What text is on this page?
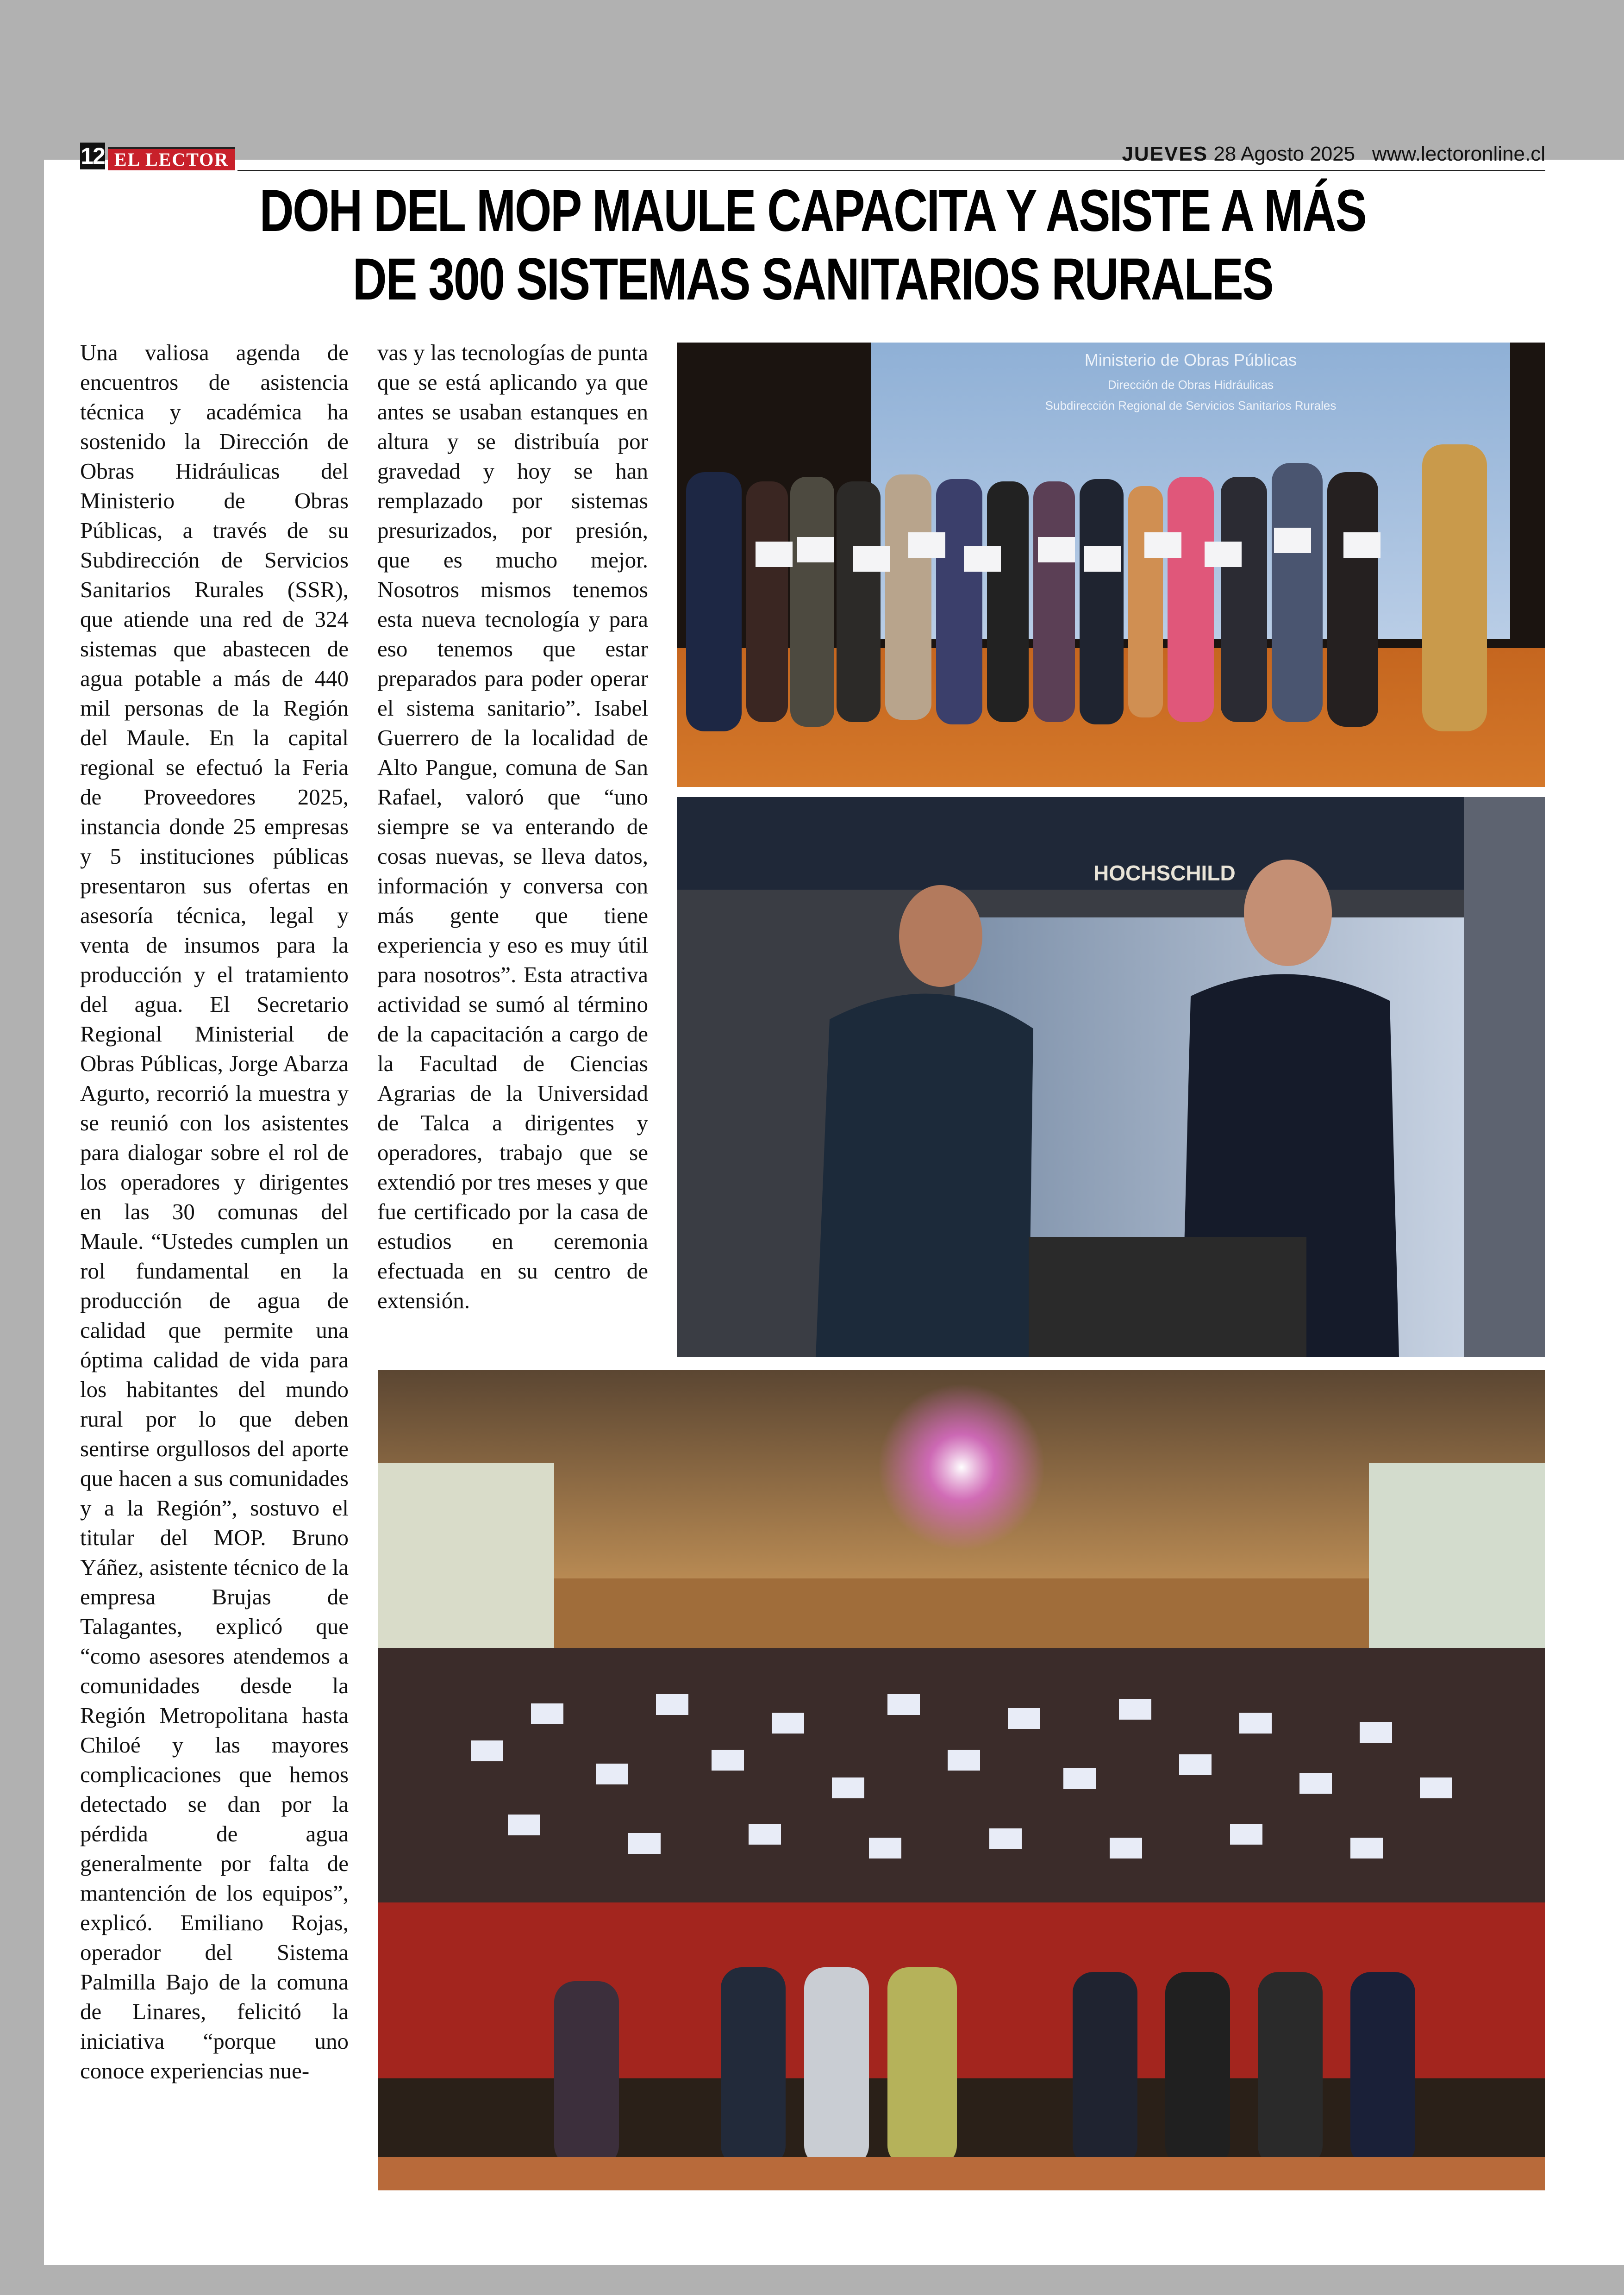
12 EL LECTOR	JUEVES 28 Agosto 2025 www.lectoronline.cl
DOH DEL MOP MAULE CAPACITA Y ASISTE A MÁS DE 300 SISTEMAS SANITARIOS RURALES

Una valiosa agenda de encuentros de asistencia técnica y académica ha sostenido la Dirección de Obras Hidráulicas del Ministerio de Obras Públicas, a través de su Subdirección de Servicios Sanitarios Rurales (SSR), que atiende una red de 324 sistemas que abastecen de agua potable a más de 440 mil personas de la Región del Maule. En la capital regional se efectuó la Feria de Proveedores 2025, instancia donde 25 empresas y 5 instituciones públicas presentaron sus ofertas en asesoría técnica, legal y venta de insumos para la producción y el tratamiento del agua. El Secretario Regional Ministerial de Obras Públicas, Jorge Abarza Agurto, recorrió la muestra y se reunió con los asistentes para dialogar sobre el rol de los operadores y dirigentes en las 30 comunas del Maule. “Ustedes cumplen un rol fundamental en la producción de agua de calidad que permite una óptima calidad de vida para los habitantes del mundo rural por lo que deben sentirse orgullosos del aporte que hacen a sus comunidades y a la Región”, sostuvo el titular del MOP. Bruno Yáñez, asistente técnico de la empresa Brujas de Talagantes, explicó que “como asesores atendemos a comunidades desde la Región Metropolitana hasta Chiloé y las mayores complicaciones que hemos detectado se dan por la pérdida de agua generalmente por falta de mantención de los equipos”, explicó. Emiliano Rojas, operador del Sistema Palmilla Bajo de la comuna de Linares, felicitó la iniciativa “porque uno conoce experiencias nue-

vas y las tecnologías de punta que se está aplicando ya que antes se usaban estanques en altura y se distribuía por gravedad y hoy se han remplazado por sistemas presurizados, por presión, que es mucho mejor. Nosotros mismos tenemos esta nueva tecnología y para eso tenemos que estar preparados para poder operar el sistema sanitario”. Isabel Guerrero de la localidad de Alto Pangue, comuna de San Rafael, valoró que “uno siempre se va enterando de cosas nuevas, se lleva datos, información y conversa con más gente que tiene experiencia y eso es muy útil para nosotros”. Esta atractiva actividad se sumó al término de la capacitación a cargo de la Facultad de Ciencias Agrarias de la Universidad de Talca a dirigentes y operadores, trabajo que se extendió por tres meses y que fue certificado por la casa de estudios en ceremonia efectuada en su centro de extensión.

Ministerio de Obras Públicas
Dirección de Obras Hidráulicas
Subdirección Regional de Servicios Sanitarios Rurales
HOCHSCHILD
